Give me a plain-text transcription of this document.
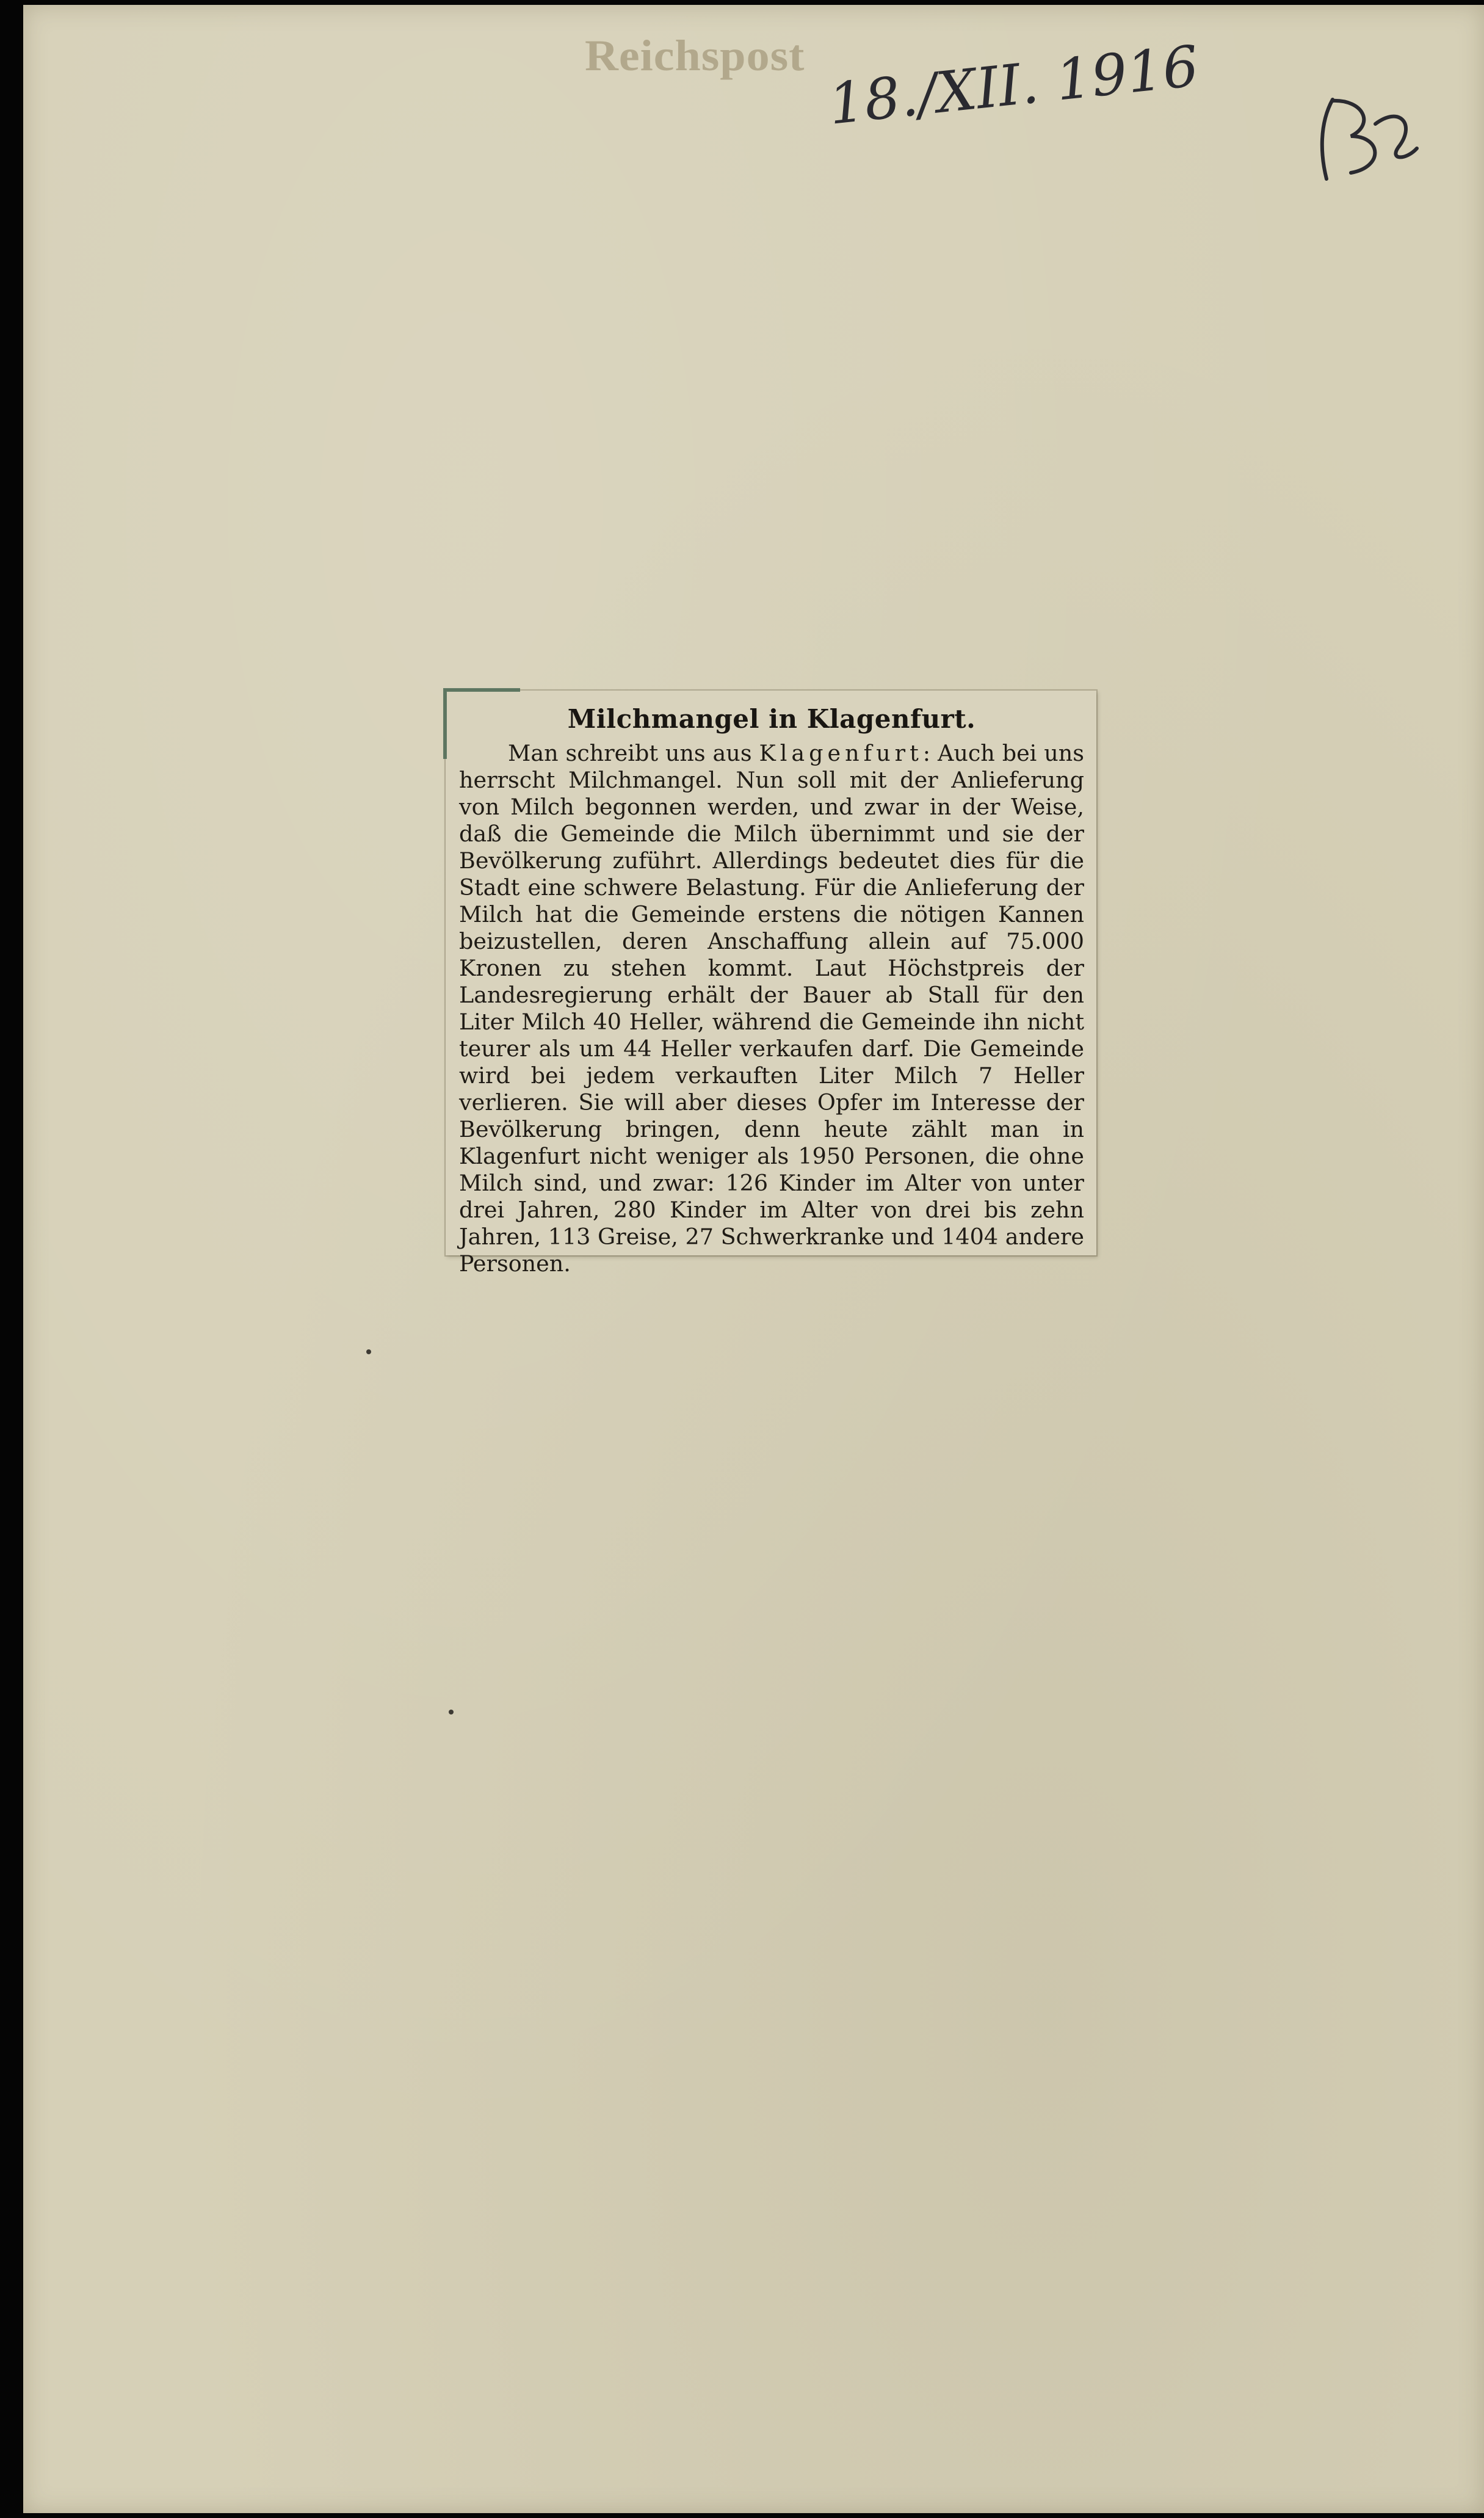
Reichspost 18./XII. 1916
Milchmangel in Klagenfurt.
Man schreibt uns aus Klagenfurt: Auch bei uns herrscht Milchmangel. Nun soll mit der Anlieferung von Milch begonnen werden, und zwar in der Weise, daß die Gemeinde die Milch übernimmt und sie der Bevölkerung zuführt. Allerdings bedeutet dies für die Stadt eine schwere Belastung. Für die Anlieferung der Milch hat die Gemeinde erstens die nötigen Kannen beizustellen, deren Anschaffung allein auf 75.000 Kronen zu stehen kommt. Laut Höchstpreis der Landesregierung erhält der Bauer ab Stall für den Liter Milch 40 Heller, während die Gemeinde ihn nicht teurer als um 44 Heller verkaufen darf. Die Gemeinde wird bei jedem verkauften Liter Milch 7 Heller verlieren. Sie will aber dieses Opfer im Interesse der Bevölkerung bringen, denn heute zählt man in Klagenfurt nicht weniger als 1950 Personen, die ohne Milch sind, und zwar: 126 Kinder im Alter von unter drei Jahren, 280 Kinder im Alter von drei bis zehn Jahren, 113 Greise, 27 Schwerkranke und 1404 andere Personen.
